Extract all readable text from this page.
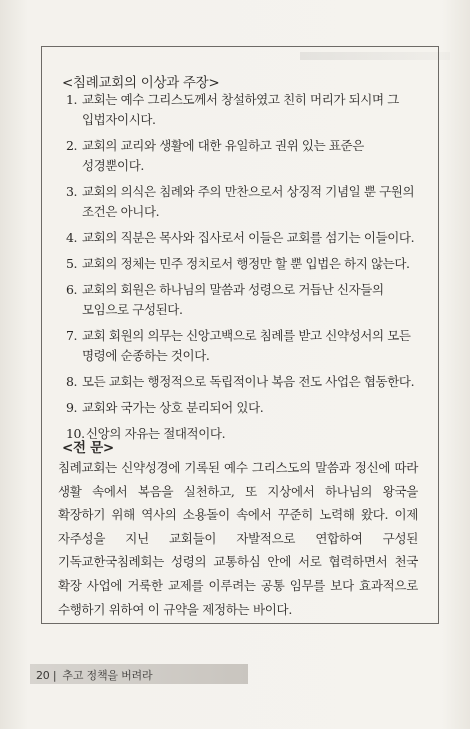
<침례교회의 이상과 주장>
1. 교회는 예수 그리스도께서 창설하였고 친히 머리가 되시며 그 입법자이시다.
2. 교회의 교리와 생활에 대한 유일하고 권위 있는 표준은 성경뿐이다.
3. 교회의 의식은 침례와 주의 만찬으로서 상징적 기념일 뿐 구원의 조건은 아니다.
4. 교회의 직분은 목사와 집사로서 이들은 교회를 섬기는 이들이다.
5. 교회의 정체는 민주 정치로서 행정만 할 뿐 입법은 하지 않는다.
6. 교회의 회원은 하나님의 말씀과 성령으로 거듭난 신자들의 모임으로 구성된다.
7. 교회 회원의 의무는 신앙고백으로 침례를 받고 신약성서의 모든 명령에 순종하는 것이다.
8. 모든 교회는 행정적으로 독립적이나 복음 전도 사업은 협동한다.
9. 교회와 국가는 상호 분리되어 있다.
10.신앙의 자유는 절대적이다.
<전 문>
침례교회는 신약성경에 기록된 예수 그리스도의 말씀과 정신에 따라 생활 속에서 복음을 실천하고, 또 지상에서 하나님의 왕국을 확장하기 위해 역사의 소용돌이 속에서 꾸준히 노력해 왔다. 이제 자주성을 지닌 교회들이 자발적으로 연합하여 구성된 기독교한국침례회는 성령의 교통하심 안에 서로 협력하면서 천국 확장 사업에 거룩한 교제를 이루려는 공통 임무를 보다 효과적으로 수행하기 위하여 이 규약을 제정하는 바이다.
20 | 추고 정책을 버려라
